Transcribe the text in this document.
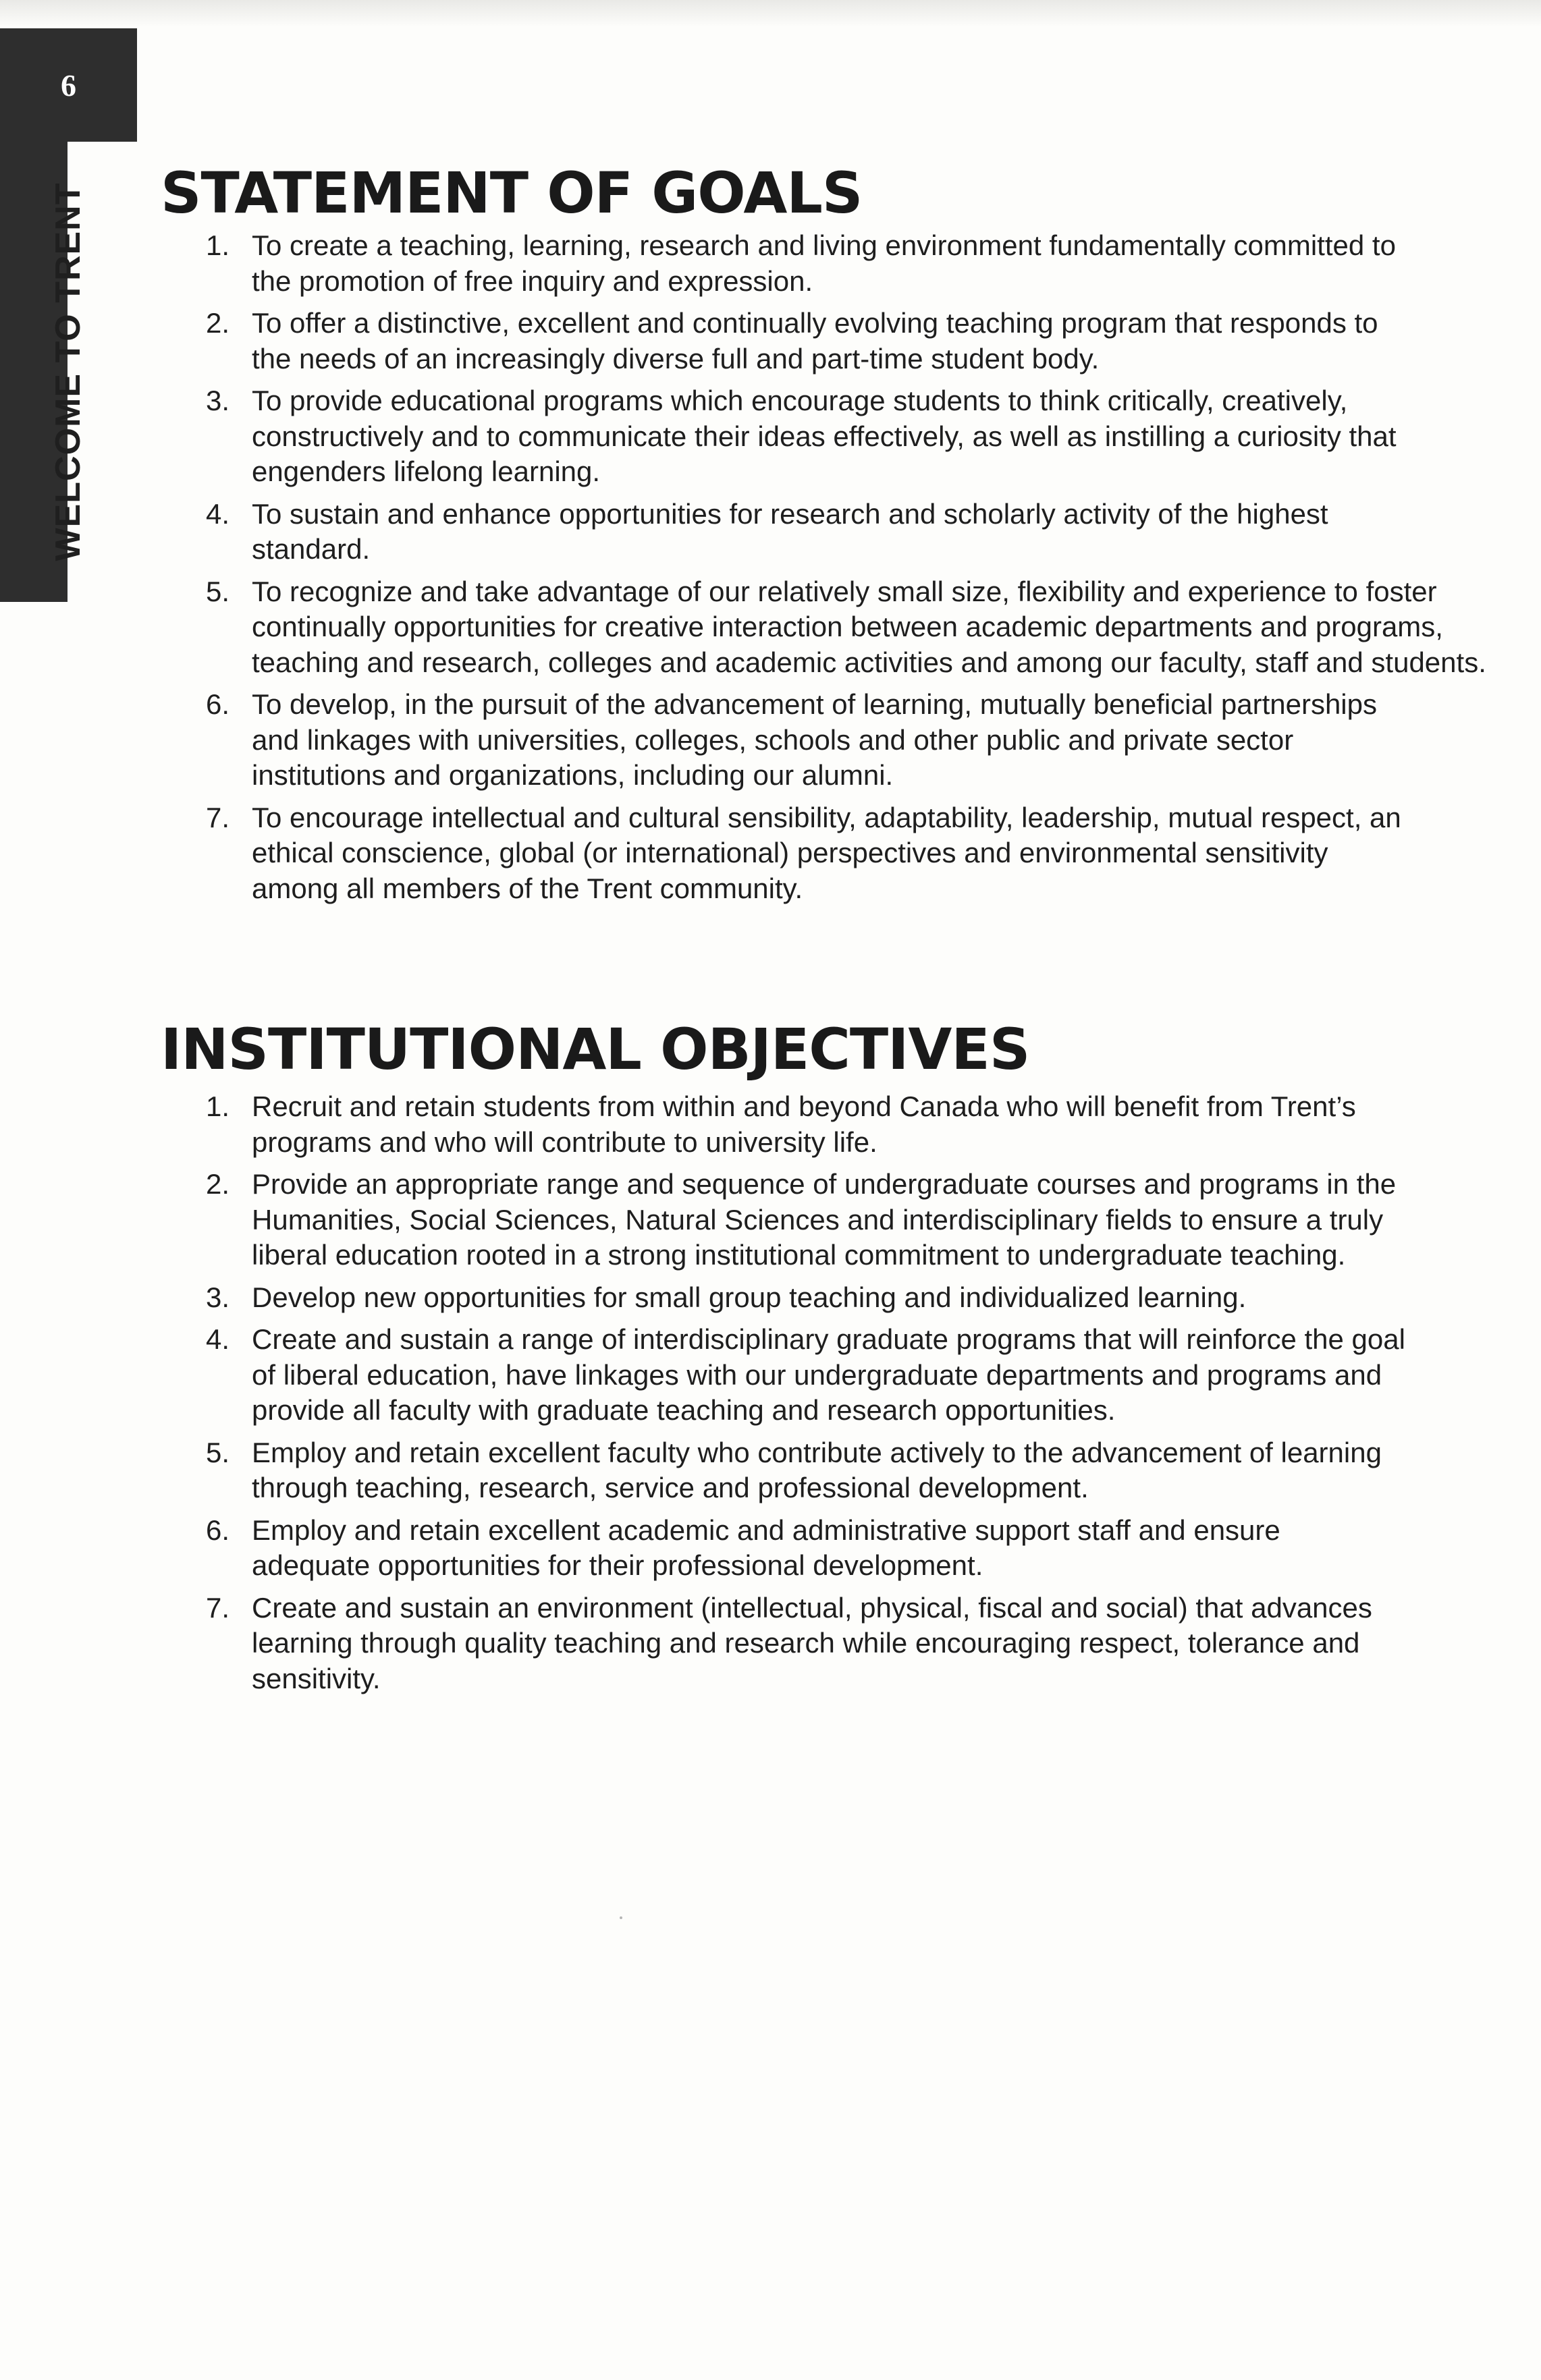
6
WELCOME TO TRENT STATEMENT OF GOALS
1. To create a teaching, learning, research and living environment fundamentally committed to the promotion of free inquiry and expression.
2. To offer a distinctive, excellent and continually evolving teaching program that responds to the needs of an increasingly diverse full and part-time student body.
3. To provide educational programs which encourage students to think critically, creatively, constructively and to communicate their ideas effectively, as well as instilling a curiosity that engenders lifelong learning.
4. To sustain and enhance opportunities for research and scholarly activity of the highest standard.
5. To recognize and take advantage of our relatively small size, flexibility and experience to foster continually opportunities for creative interaction between academic departments and programs, teaching and research, colleges and academic activities and among our faculty, staff and students.
6. To develop, in the pursuit of the advancement of learning, mutually beneficial partnerships and linkages with universities, colleges, schools and other public and private sector institutions and organizations, including our alumni.
7. To encourage intellectual and cultural sensibility, adaptability, leadership, mutual respect, an ethical conscience, global (or international) perspectives and environmental sensitivity among all members of the Trent community.
INSTITUTIONAL OBJECTIVES
1. Recruit and retain students from within and beyond Canada who will benefit from Trent’s programs and who will contribute to university life.
2. Provide an appropriate range and sequence of undergraduate courses and programs in the Humanities, Social Sciences, Natural Sciences and interdisciplinary fields to ensure a truly liberal education rooted in a strong institutional commitment to undergraduate teaching.
3. Develop new opportunities for small group teaching and individualized learning.
4. Create and sustain a range of interdisciplinary graduate programs that will reinforce the goal of liberal education, have linkages with our undergraduate departments and programs and provide all faculty with graduate teaching and research opportunities.
5. Employ and retain excellent faculty who contribute actively to the advancement of learning through teaching, research, service and professional development.
6. Employ and retain excellent academic and administrative support staff and ensure adequate opportunities for their professional development.
7. Create and sustain an environment (intellectual, physical, fiscal and social) that advances learning through quality teaching and research while encouraging respect, tolerance and sensitivity.
